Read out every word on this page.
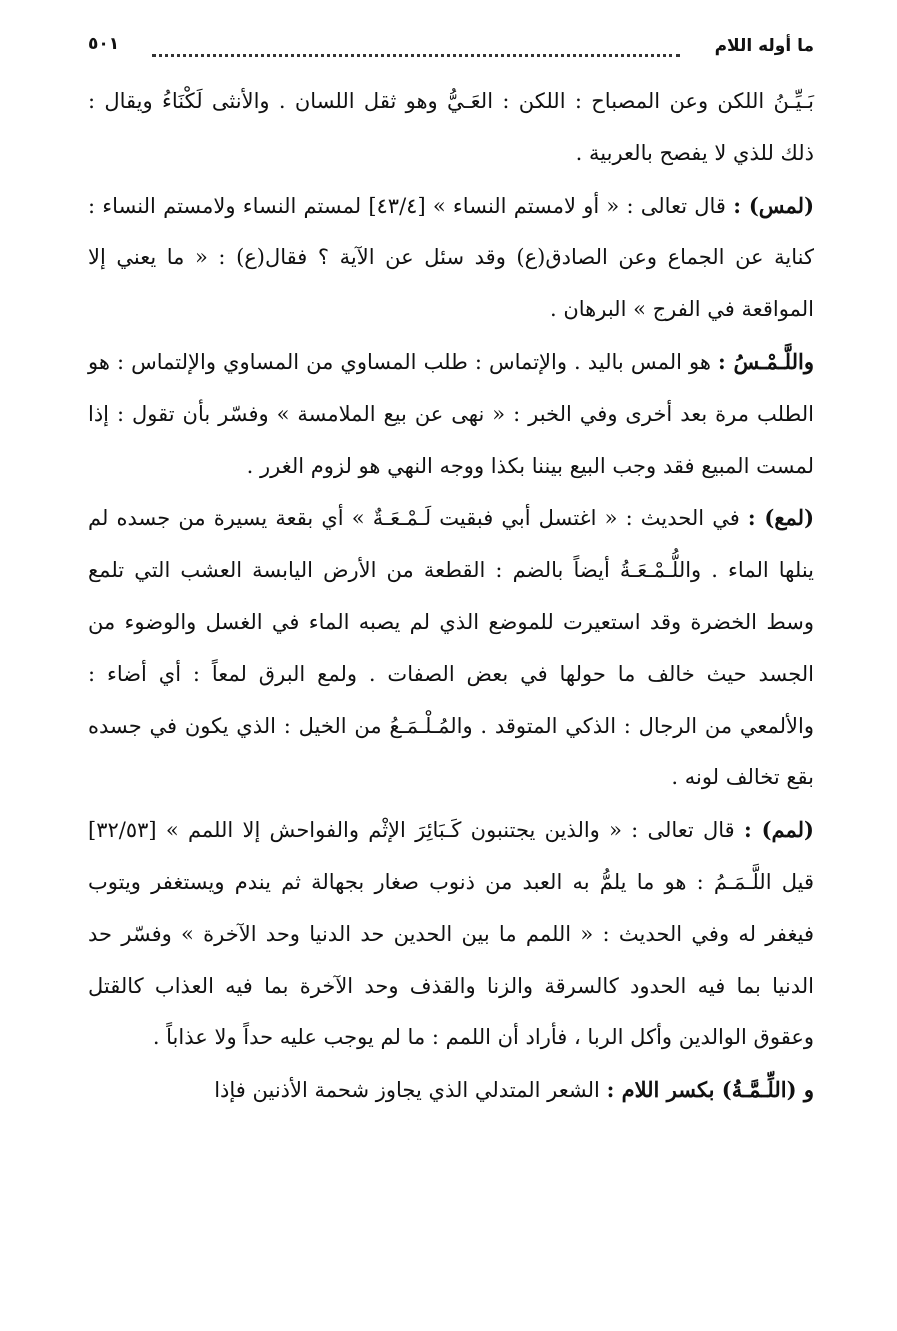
ما أوله اللام
٥٠١

بَـيِّـنُ اللكن وعن المصباح : اللكن : العَـيُّ وهو ثقل اللسان . والأنثى لَكْنَاءُ ويقال : ذلك للذي لا يفصح بالعربية .

(لمس) : قال تعالى : « أو لامستم النساء » [٤٣/٤] لمستم النساء ولامستم النساء : كناية عن الجماع وعن الصادق(ع) وقد سئل عن الآية ؟ فقال(ع) : « ما يعني إلا المواقعة في الفرج » البرهان .

واللَّـمْـسُ : هو المس باليد . والإتماس : طلب المساوي من المساوي والإلتماس : هو الطلب مرة بعد أخرى وفي الخبر : « نهى عن بيع الملامسة » وفسّر بأن تقول : إذا لمست المبيع فقد وجب البيع بيننا بكذا ووجه النهي هو لزوم الغرر .

(لمع) : في الحديث : « اغتسل أبي فبقيت لَـمْـعَـةٌ » أي بقعة يسيرة من جسده لم ينلها الماء . واللُّـمْـعَـةُ أيضاً بالضم : القطعة من الأرض اليابسة العشب التي تلمع وسط الخضرة وقد استعيرت للموضع الذي لم يصبه الماء في الغسل والوضوء من الجسد حيث خالف ما حولها في بعض الصفات . ولمع البرق لمعاً : أي أضاء : والألمعي من الرجال : الذكي المتوقد . والمُـلْـمَـعُ من الخيل : الذي يكون في جسده بقع تخالف لونه .

(لمم) : قال تعالى : « والذين يجتنبون كَـبَائِرَ الإثْم والفواحش إلا اللمم » [٣٢/٥٣] قيل اللَّـمَـمُ : هو ما يلمُّ به العبد من ذنوب صغار بجهالة ثم يندم ويستغفر ويتوب فيغفر له وفي الحديث : « اللمم ما بين الحدين حد الدنيا وحد الآخرة » وفسّر حد الدنيا بما فيه الحدود كالسرقة والزنا والقذف وحد الآخرة بما فيه العذاب كالقتل وعقوق الوالدين وأكل الربا ، فأراد أن اللمم : ما لم يوجب عليه حداً ولا عذاباً .

و (اللِّـمَّـةُ) بكسر اللام : الشعر المتدلي الذي يجاوز شحمة الأذنين فإذا
